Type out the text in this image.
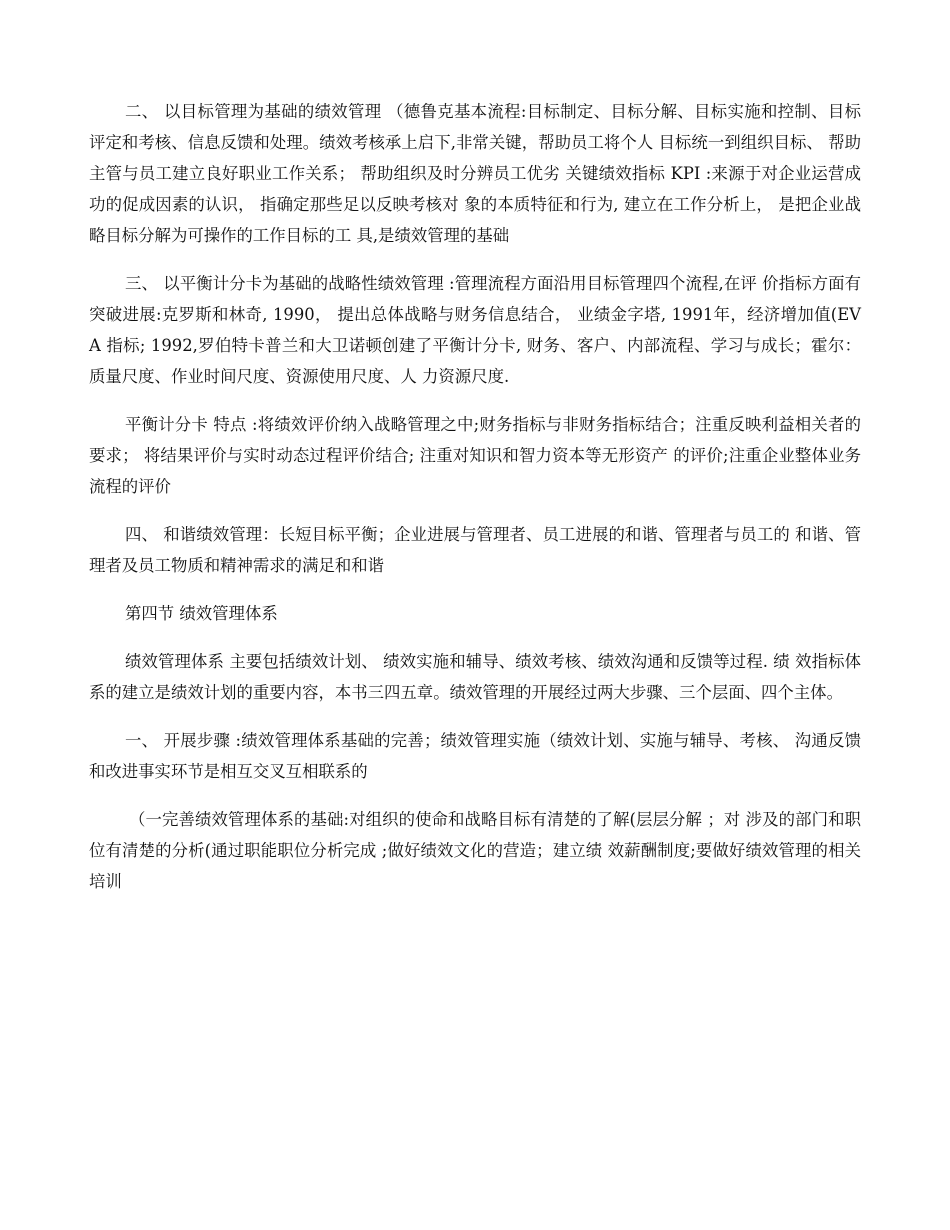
二、 以目标管理为基础的绩效管理 （德鲁克基本流程:目标制定、目标分解、目标实施和控制、目标评定和考核、信息反馈和处理。绩效考核承上启下,非常关键，帮助员工将个人 目标统一到组织目标、 帮助主管与员工建立良好职业工作关系； 帮助组织及时分辨员工优劣 关键绩效指标 KPI :来源于对企业运营成功的促成因素的认识， 指确定那些足以反映考核对 象的本质特征和行为, 建立在工作分析上， 是把企业战略目标分解为可操作的工作目标的工 具,是绩效管理的基础

三、 以平衡计分卡为基础的战略性绩效管理 :管理流程方面沿用目标管理四个流程,在评 价指标方面有突破进展:克罗斯和林奇, 1990， 提出总体战略与财务信息结合， 业绩金字塔, 1991年，经济增加值(EV A 指标; 1992,罗伯特卡普兰和大卫诺顿创建了平衡计分卡, 财务、客户、内部流程、学习与成长；霍尔：质量尺度、作业时间尺度、资源使用尺度、人 力资源尺度.

平衡计分卡 特点 :将绩效评价纳入战略管理之中;财务指标与非财务指标结合；注重反映利益相关者的要求； 将结果评价与实时动态过程评价结合; 注重对知识和智力资本等无形资产 的评价;注重企业整体业务流程的评价

四、 和谐绩效管理：长短目标平衡；企业进展与管理者、员工进展的和谐、管理者与员工的 和谐、管理者及员工物质和精神需求的满足和和谐

第四节 绩效管理体系

绩效管理体系 主要包括绩效计划、 绩效实施和辅导、绩效考核、绩效沟通和反馈等过程. 绩 效指标体系的建立是绩效计划的重要内容，本书三四五章。绩效管理的开展经过两大步骤、三个层面、四个主体。

一、 开展步骤 :绩效管理体系基础的完善；绩效管理实施（绩效计划、实施与辅导、考核、 沟通反馈和改进事实环节是相互交叉互相联系的

（一完善绩效管理体系的基础:对组织的使命和战略目标有清楚的了解(层层分解 ；对 涉及的部门和职位有清楚的分析(通过职能职位分析完成 ;做好绩效文化的营造；建立绩 效薪酬制度;要做好绩效管理的相关培训
